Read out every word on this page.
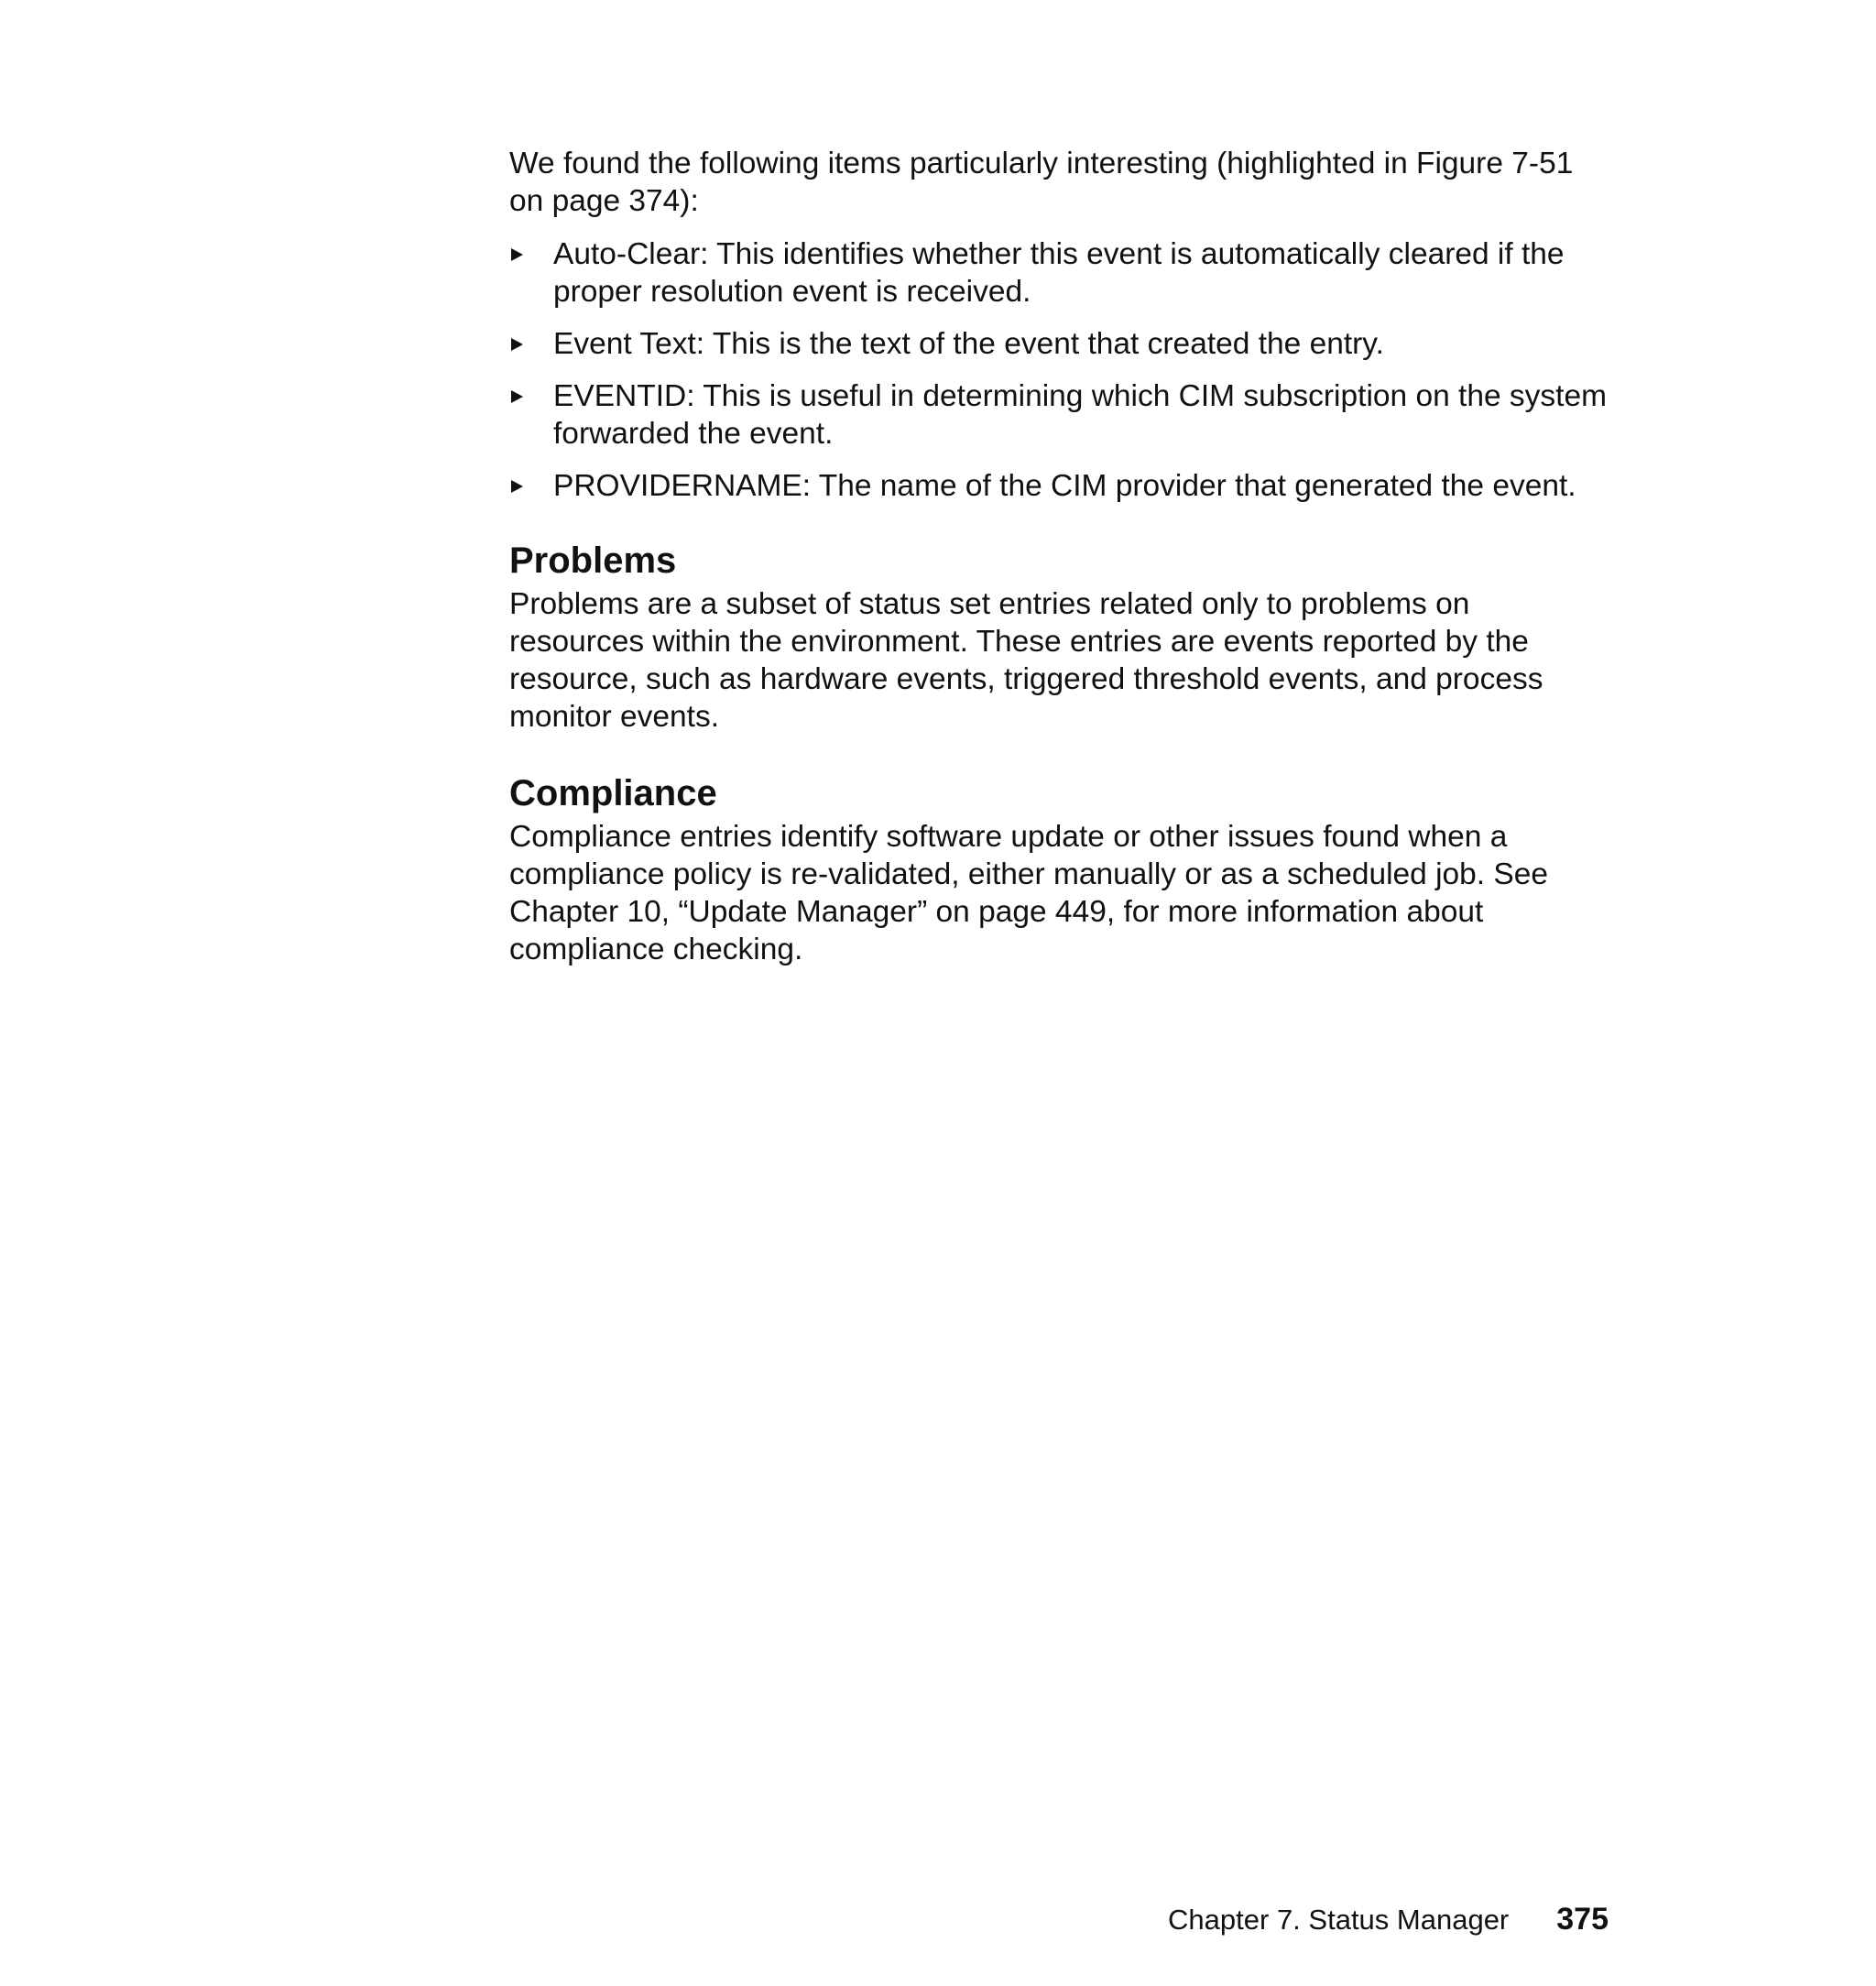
We found the following items particularly interesting (highlighted in Figure 7-51 on page 374):

Auto-Clear: This identifies whether this event is automatically cleared if the proper resolution event is received.
Event Text: This is the text of the event that created the entry.
EVENTID: This is useful in determining which CIM subscription on the system forwarded the event.
PROVIDERNAME: The name of the CIM provider that generated the event.
Problems

Problems are a subset of status set entries related only to problems on resources within the environment. These entries are events reported by the resource, such as hardware events, triggered threshold events, and process monitor events.

Compliance

Compliance entries identify software update or other issues found when a compliance policy is re-validated, either manually or as a scheduled job. See Chapter 10, “Update Manager” on page 449, for more information about compliance checking.

Chapter 7. Status Manager 375
